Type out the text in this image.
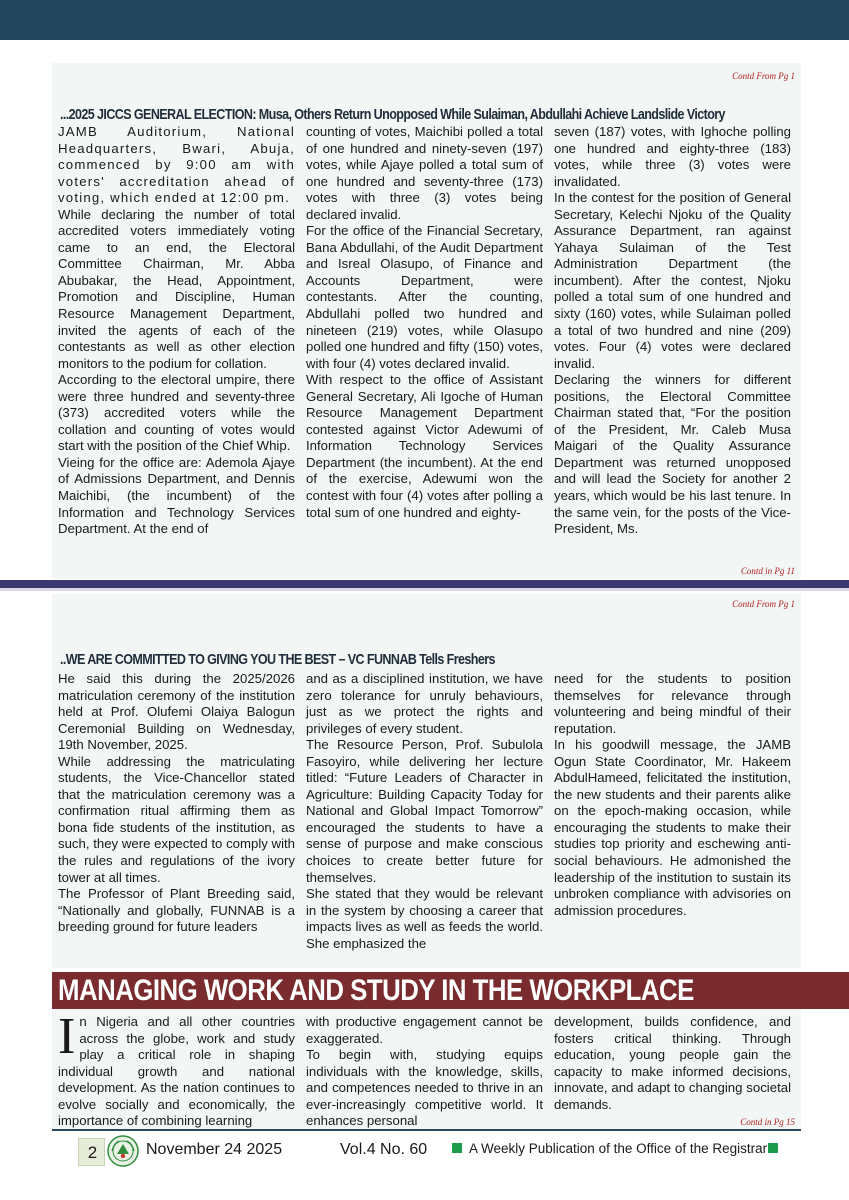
Contd From Pg 1
...2025 JICCS GENERAL ELECTION: Musa, Others Return Unopposed While Sulaiman, Abdullahi Achieve Landslide Victory

JAMB Auditorium, National Headquarters, Bwari, Abuja, commenced by 9:00 am with voters' accreditation ahead of voting, which ended at 12:00 pm.

While declaring the number of total accredited voters immediately voting came to an end, the Electoral Committee Chairman, Mr. Abba Abubakar, the Head, Appointment, Promotion and Discipline, Human Resource Management Department, invited the agents of each of the contestants as well as other election monitors to the podium for collation.

According to the electoral umpire, there were three hundred and seventy-three (373) accredited voters while the collation and counting of votes would start with the position of the Chief Whip.

Vieing for the office are: Ademola Ajaye of Admissions Department, and Dennis Maichibi, (the incumbent) of the Information and Technology Services Department. At the end of

counting of votes, Maichibi polled a total of one hundred and ninety-seven (197) votes, while Ajaye polled a total sum of one hundred and seventy-three (173) votes with three (3) votes being declared invalid.

For the office of the Financial Secretary, Bana Abdullahi, of the Audit Department and Isreal Olasupo, of Finance and Accounts Department, were contestants. After the counting, Abdullahi polled two hundred and nineteen (219) votes, while Olasupo polled one hundred and fifty (150) votes, with four (4) votes declared invalid.

With respect to the office of Assistant General Secretary, Ali Igoche of Human Resource Management Department contested against Victor Adewumi of Information Technology Services Department (the incumbent). At the end of the exercise, Adewumi won the contest with four (4) votes after polling a total sum of one hundred and eighty-

seven (187) votes, with Ighoche polling one hundred and eighty-three (183) votes, while three (3) votes were invalidated.

In the contest for the position of General Secretary, Kelechi Njoku of the Quality Assurance Department, ran against Yahaya Sulaiman of the Test Administration Department (the incumbent). After the contest, Njoku polled a total sum of one hundred and sixty (160) votes, while Sulaiman polled a total of two hundred and nine (209) votes. Four (4) votes were declared invalid.

Declaring the winners for different positions, the Electoral Committee Chairman stated that, “For the position of the President, Mr. Caleb Musa Maigari of the Quality Assurance Department was returned unopposed and will lead the Society for another 2 years, which would be his last tenure. In the same vein, for the posts of the Vice-President, Ms.

Contd in Pg 11
Contd From Pg 1
..WE ARE COMMITTED TO GIVING YOU THE BEST – VC FUNNAB Tells Freshers

He said this during the 2025/2026 matriculation ceremony of the institution held at Prof. Olufemi Olaiya Balogun Ceremonial Building on Wednesday, 19th November, 2025.

While addressing the matriculating students, the Vice-Chancellor stated that the matriculation ceremony was a confirmation ritual affirming them as bona fide students of the institution, as such, they were expected to comply with the rules and regulations of the ivory tower at all times.

The Professor of Plant Breeding said, “Nationally and globally, FUNNAB is a breeding ground for future leaders

and as a disciplined institution, we have zero tolerance for unruly behaviours, just as we protect the rights and privileges of every student.

The Resource Person, Prof. Subulola Fasoyiro, while delivering her lecture titled: “Future Leaders of Character in Agriculture: Building Capacity Today for National and Global Impact Tomorrow” encouraged the students to have a sense of purpose and make conscious choices to create better future for themselves.

She stated that they would be relevant in the system by choosing a career that impacts lives as well as feeds the world. She emphasized the

need for the students to position themselves for relevance through volunteering and being mindful of their reputation.

In his goodwill message, the JAMB Ogun State Coordinator, Mr. Hakeem AbdulHameed, felicitated the institution, the new students and their parents alike on the epoch-making occasion, while encouraging the students to make their studies top priority and eschewing anti-social behaviours. He admonished the leadership of the institution to sustain its unbroken compliance with advisories on admission procedures.

MANAGING WORK AND STUDY IN THE WORKPLACE
I n Nigeria and all other countries across the globe, work and study play a critical role in shaping individual growth and national development. As the nation continues to evolve socially and economically, the importance of combining learning

with productive engagement cannot be exaggerated.

To begin with, studying equips individuals with the knowledge, skills, and competences needed to thrive in an ever-increasingly competitive world. It enhances personal

development, builds confidence, and fosters critical thinking. Through education, young people gain the capacity to make informed decisions, innovate, and adapt to changing societal demands.

Contd in Pg 15
2	November 24 2025	Vol.4 No. 60	A Weekly Publication of the Office of the Registrar
